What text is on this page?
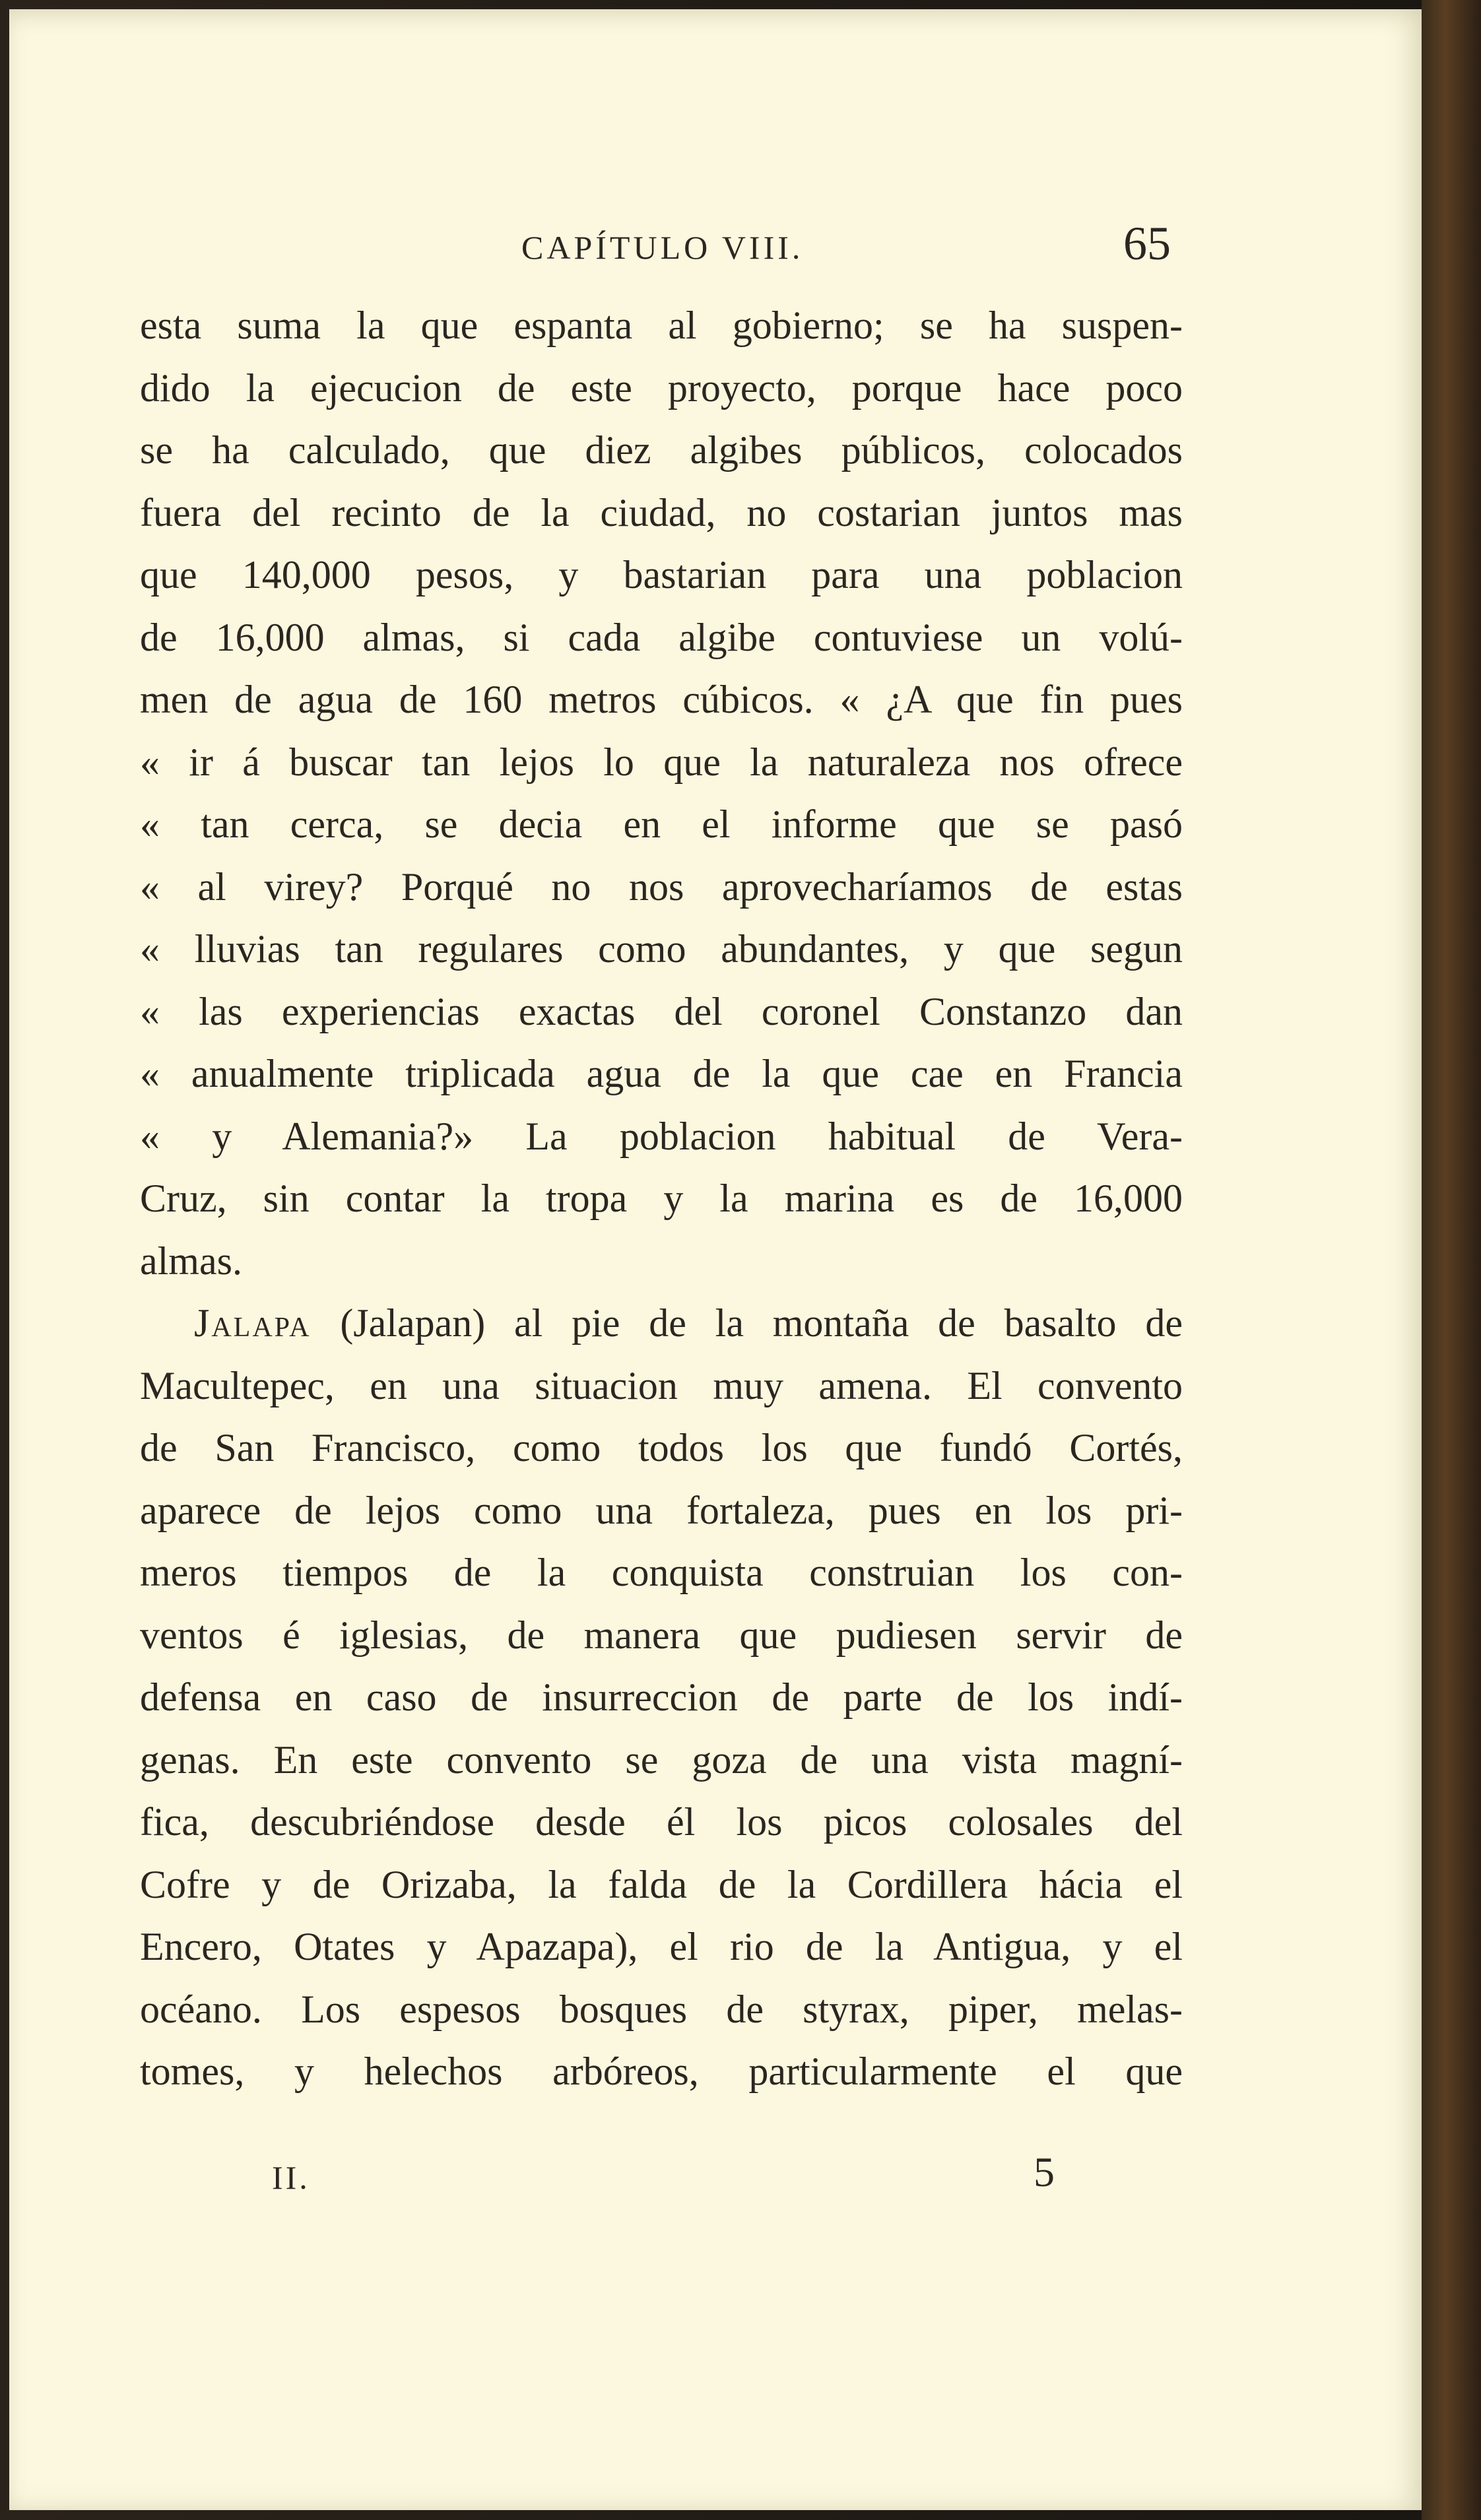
CAPÍTULO VIII.	65
esta suma la que espanta al gobierno; se ha suspen-
dido la ejecucion de este proyecto, porque hace poco
se ha calculado, que diez algibes públicos, colocados
fuera del recinto de la ciudad, no costarian juntos mas
que 140,000 pesos, y bastarian para una poblacion
de 16,000 almas, si cada algibe contuviese un volú-
men de agua de 160 metros cúbicos. « ¿A que fin pues
« ir á buscar tan lejos lo que la naturaleza nos ofrece
« tan cerca, se decia en el informe que se pasó
« al virey? Porqué no nos aprovecharíamos de estas
« lluvias tan regulares como abundantes, y que segun
« las experiencias exactas del coronel Constanzo dan
« anualmente triplicada agua de la que cae en Francia
« y Alemania?» La poblacion habitual de Vera-
Cruz, sin contar la tropa y la marina es de 16,000
almas.
Jalapa (Jalapan) al pie de la montaña de basalto de
Macultepec, en una situacion muy amena. El convento
de San Francisco, como todos los que fundó Cortés,
aparece de lejos como una fortaleza, pues en los pri-
meros tiempos de la conquista construian los con-
ventos é iglesias, de manera que pudiesen servir de
defensa en caso de insurreccion de parte de los indí-
genas. En este convento se goza de una vista magní-
fica, descubriéndose desde él los picos colosales del
Cofre y de Orizaba, la falda de la Cordillera hácia el
Encero, Otates y Apazapa), el rio de la Antigua, y el
océano. Los espesos bosques de styrax, piper, melas-
tomes, y helechos arbóreos, particularmente el que
II.	5
